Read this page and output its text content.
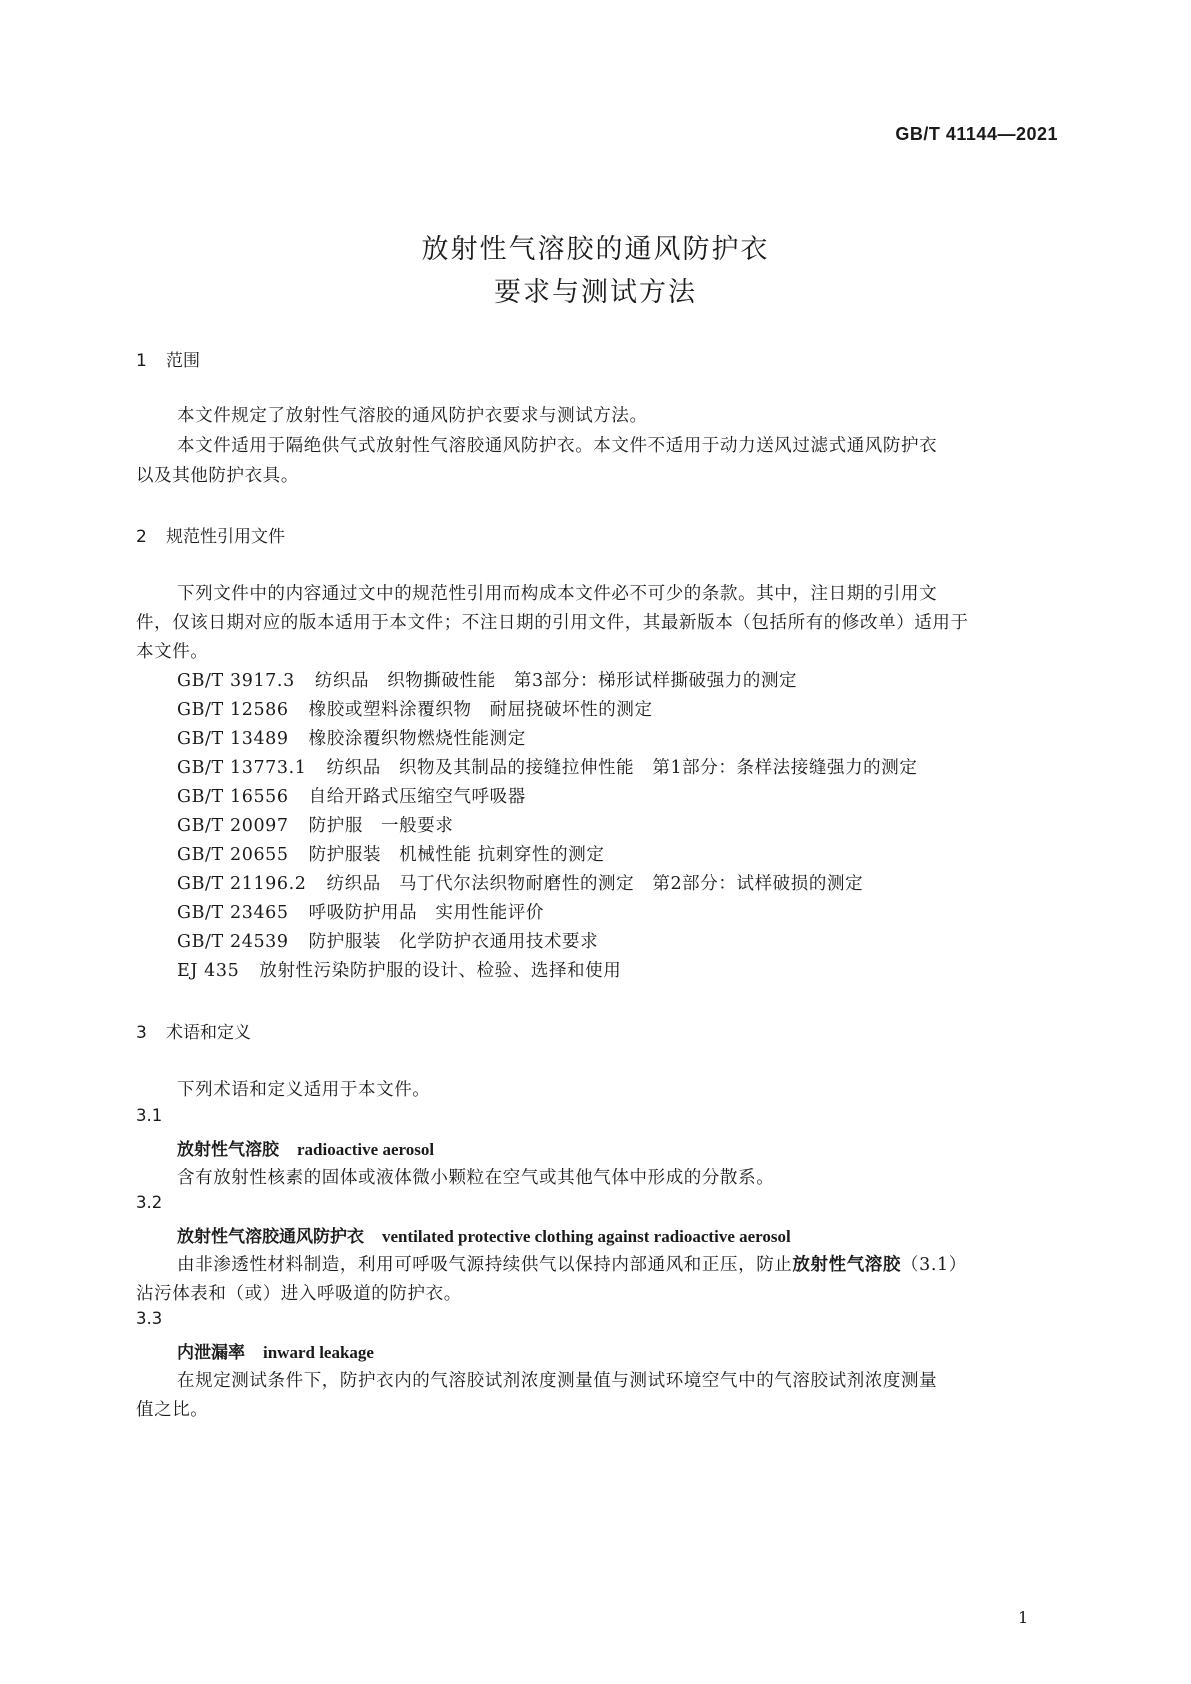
GB/T 41144—2021
放射性气溶胶的通风防护衣
要求与测试方法
1 范围
本文件规定了放射性气溶胶的通风防护衣要求与测试方法。
本文件适用于隔绝供气式放射性气溶胶通风防护衣。本文件不适用于动力送风过滤式通风防护衣
以及其他防护衣具。
2 规范性引用文件
下列文件中的内容通过文中的规范性引用而构成本文件必不可少的条款。其中，注日期的引用文
件，仅该日期对应的版本适用于本文件；不注日期的引用文件，其最新版本（包括所有的修改单）适用于
本文件。
GB/T 3917.3 纺织品　织物撕破性能　第3部分：梯形试样撕破强力的测定
GB/T 12586 橡胶或塑料涂覆织物　耐屈挠破坏性的测定
GB/T 13489 橡胶涂覆织物燃烧性能测定
GB/T 13773.1 纺织品　织物及其制品的接缝拉伸性能　第1部分：条样法接缝强力的测定
GB/T 16556 自给开路式压缩空气呼吸器
GB/T 20097 防护服　一般要求
GB/T 20655 防护服装　机械性能 抗刺穿性的测定
GB/T 21196.2 纺织品　马丁代尔法织物耐磨性的测定　第2部分：试样破损的测定
GB/T 23465 呼吸防护用品　实用性能评价
GB/T 24539 防护服装　化学防护衣通用技术要求
EJ 435 放射性污染防护服的设计、检验、选择和使用
3 术语和定义
下列术语和定义适用于本文件。
3.1
放射性气溶胶 radioactive aerosol
含有放射性核素的固体或液体微小颗粒在空气或其他气体中形成的分散系。
3.2
放射性气溶胶通风防护衣 ventilated protective clothing against radioactive aerosol
由非渗透性材料制造，利用可呼吸气源持续供气以保持内部通风和正压，防止放射性气溶胶（3.1）
沾污体表和（或）进入呼吸道的防护衣。
3.3
内泄漏率 inward leakage
在规定测试条件下，防护衣内的气溶胶试剂浓度测量值与测试环境空气中的气溶胶试剂浓度测量
值之比。
1
